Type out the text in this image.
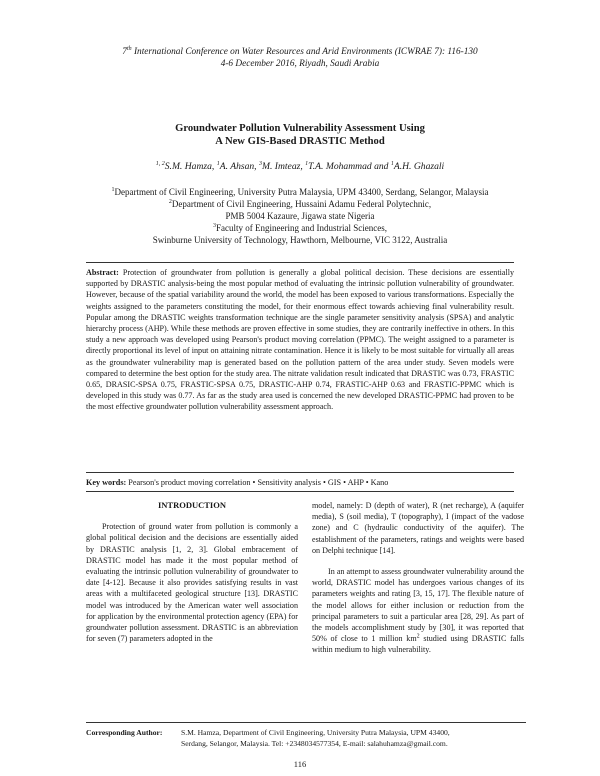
7th International Conference on Water Resources and Arid Environments (ICWRAE 7): 116-130
4-6 December 2016, Riyadh, Saudi Arabia
Groundwater Pollution Vulnerability Assessment Using
A New GIS-Based DRASTIC Method
$^{1, 2}$S.M. Hamza, $^1$A. Ahsan, $^3$M. Imteaz, $^1$T.A. Mohammad and $^1$A.H. Ghazali
$^1$Department of Civil Engineering, University Putra Malaysia, UPM 43400, Serdang, Selangor, Malaysia
$^2$Department of Civil Engineering, Hussaini Adamu Federal Polytechnic,
PMB 5004 Kazaure, Jigawa state Nigeria
$^3$Faculty of Engineering and Industrial Sciences,
Swinburne University of Technology, Hawthorn, Melbourne, VIC 3122, Australia
Abstract: Protection of groundwater from pollution is generally a global political decision. These decisions are essentially supported by DRASTIC analysis-being the most popular method of evaluating the intrinsic pollution vulnerability of groundwater. However, because of the spatial variability around the world, the model has been exposed to various transformations. Especially the weights assigned to the parameters constituting the model, for their enormous effect towards achieving final vulnerability result. Popular among the DRASTIC weights transformation technique are the single parameter sensitivity analysis (SPSA) and analytic hierarchy process (AHP). While these methods are proven effective in some studies, they are contrarily ineffective in others. In this study a new approach was developed using Pearson's product moving correlation (PPMC). The weight assigned to a parameter is directly proportional its level of input on attaining nitrate contamination. Hence it is likely to be most suitable for virtually all areas as the groundwater vulnerability map is generated based on the pollution pattern of the area under study. Seven models were compared to determine the best option for the study area. The nitrate validation result indicated that DRASTIC was 0.73, FRASTIC 0.65, DRASIC-SPSA 0.75, FRASTIC-SPSA 0.75, DRASTIC-AHP 0.74, FRASTIC-AHP 0.63 and FRASTIC-PPMC which is developed in this study was 0.77. As far as the study area used is concerned the new developed DRASTIC-PPMC had proven to be the most effective groundwater pollution vulnerability assessment approach.
Key words: Pearson's product moving correlation • Sensitivity analysis • GIS • AHP • Kano

INTRODUCTION

Protection of ground water from pollution is commonly a global political decision and the decisions are essentially aided by DRASTIC analysis [1, 2, 3]. Global embracement of DRASTIC model has made it the most popular method of evaluating the intrinsic pollution vulnerability of groundwater to date [4-12]. Because it also provides satisfying results in vast areas with a multifaceted geological structure [13]. DRASTIC model was introduced by the American water well association for application by the environmental protection agency (EPA) for groundwater pollution assessment. DRASTIC is an abbreviation for seven (7) parameters adopted in the

model, namely: D (depth of water), R (net recharge), A (aquifer media), S (soil media), T (topography), I (impact of the vadose zone) and C (hydraulic conductivity of the aquifer). The establishment of the parameters, ratings and weights were based on Delphi technique [14].

In an attempt to assess groundwater vulnerability around the world, DRASTIC model has undergoes various changes of its parameters weights and rating [3, 15, 17]. The flexible nature of the model allows for either inclusion or reduction from the principal parameters to suit a particular area [28, 29]. As part of the models accomplishment study by [30], it was reported that 50% of close to 1 million $km^2$ studied using DRASTIC falls within medium to high vulnerability.

Corresponding Author: S.M. Hamza, Department of Civil Engineering, University Putra Malaysia, UPM 43400,
Serdang, Selangor, Malaysia. Tel: +2348034577354, E-mail: salahuhamza@gmail.com.
116
